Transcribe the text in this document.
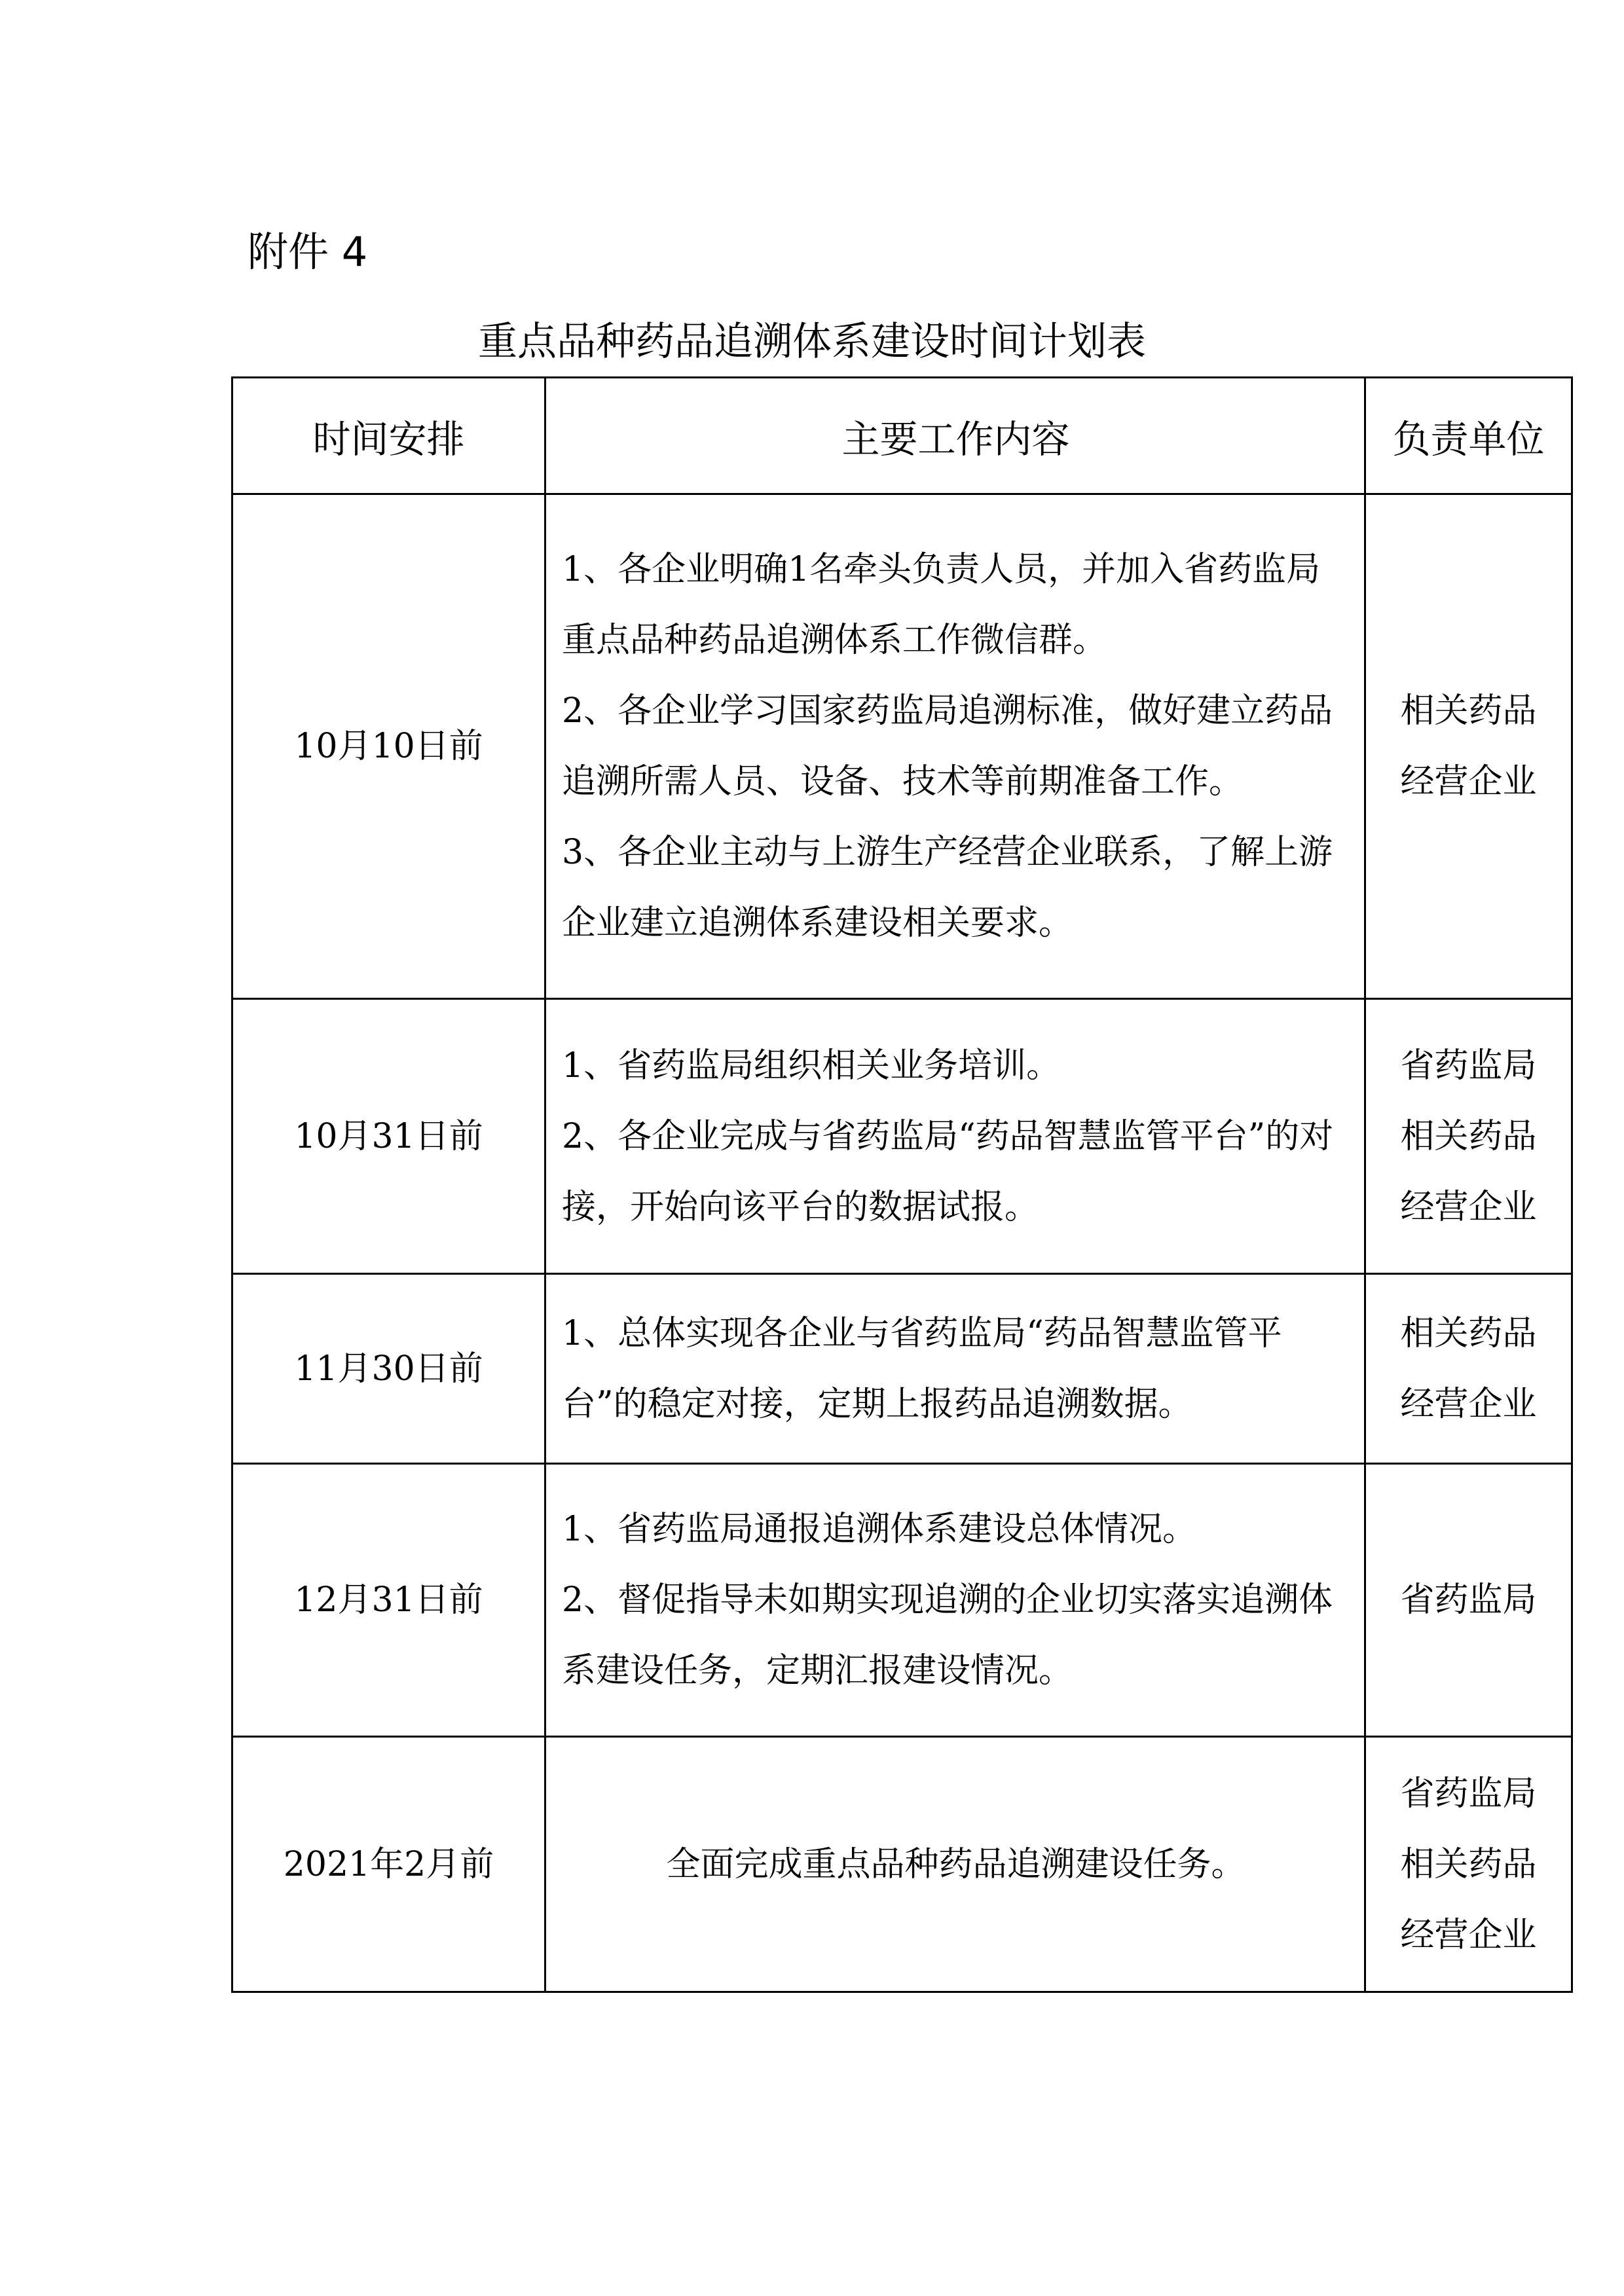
附件 4
重点品种药品追溯体系建设时间计划表
时间安排	主要工作内容	负责单位
10月10日前	1、各企业明确1名牵头负责人员，并加入省药监局重点品种药品追溯体系工作微信群。
2、各企业学习国家药监局追溯标准，做好建立药品追溯所需人员、设备、技术等前期准备工作。
3、各企业主动与上游生产经营企业联系，了解上游企业建立追溯体系建设相关要求。	相关药品
经营企业

10月31日前	1、省药监局组织相关业务培训。
2、各企业完成与省药监局“药品智慧监管平台”的对接，开始向该平台的数据试报。	省药监局
相关药品
经营企业

11月30日前	1、总体实现各企业与省药监局“药品智慧监管平台”的稳定对接，定期上报药品追溯数据。	相关药品
经营企业

12月31日前	1、省药监局通报追溯体系建设总体情况。
2、督促指导未如期实现追溯的企业切实落实追溯体系建设任务，定期汇报建设情况。	省药监局

2021年2月前	全面完成重点品种药品追溯建设任务。	省药监局
相关药品
经营企业
